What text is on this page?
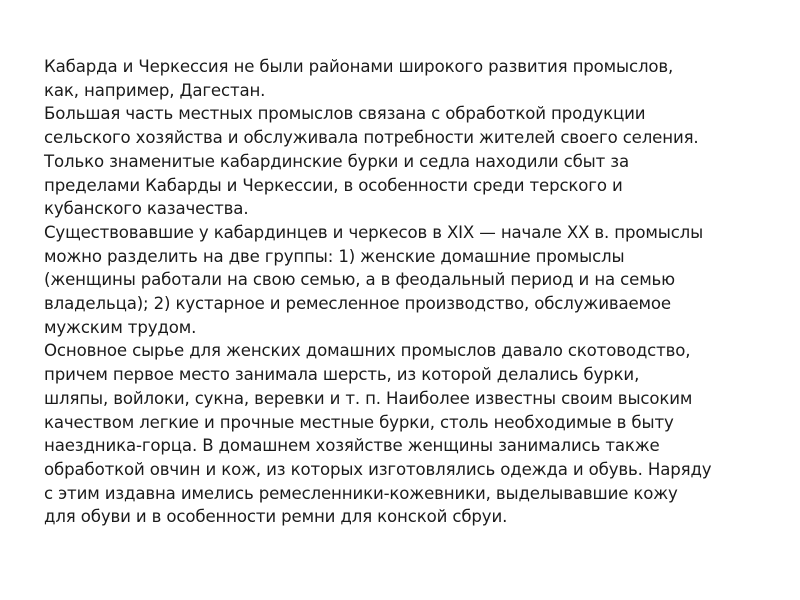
Кабарда и Черкессия не были районами широкого развития промыслов,
как, например, Дагестан.
Большая часть местных промыслов связана с обработкой продукции
сельского хозяйства и обслуживала потребности жителей своего селения.
Только знаменитые кабардинские бурки и седла находили сбыт за
пределами Кабарды и Черкессии, в особенности среди терского и
кубанского казачества.
Существовавшие у кабардинцев и черкесов в XIX — начале XX в. промыслы
можно разделить на две группы: 1) женские домашние промыслы
(женщины работали на свою семью, а в феодальный период и на семью
владельца); 2) кустарное и ремесленное производство, обслуживаемое
мужским трудом.
Основное сырье для женских домашних промыслов давало скотоводство,
причем первое место занимала шерсть, из которой делались бурки,
шляпы, войлоки, сукна, веревки и т. п. Наиболее известны своим высоким
качеством легкие и прочные местные бурки, столь необходимые в быту
наездника-горца. В домашнем хозяйстве женщины занимались также
обработкой овчин и кож, из которых изготовлялись одежда и обувь. Наряду
с этим издавна имелись ремесленники-кожевники, выделывавшие кожу
для обуви и в особенности ремни для конской сбруи.
